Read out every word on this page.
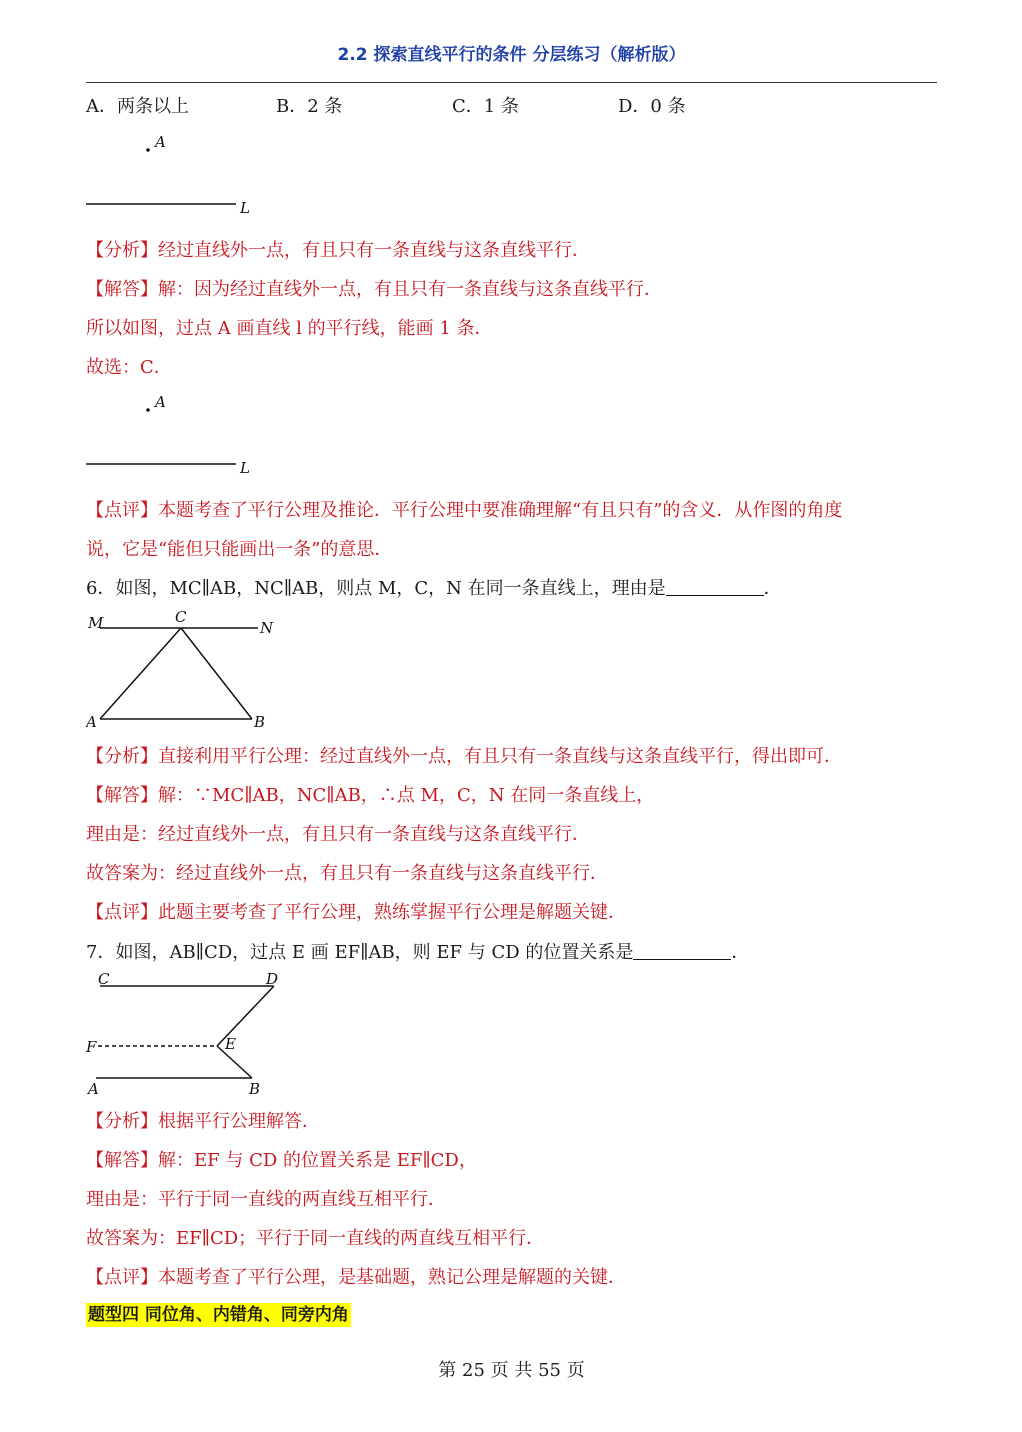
2.2 探索直线平行的条件 分层练习（解析版）
A．两条以上	B．2 条	C．1 条	D．0 条
A
L
【分析】经过直线外一点，有且只有一条直线与这条直线平行．
【解答】解：因为经过直线外一点，有且只有一条直线与这条直线平行．
所以如图，过点 A 画直线 l 的平行线，能画 1 条．
故选：C．
A
L
【点评】本题考查了平行公理及推论．平行公理中要准确理解“有且只有”的含义．从作图的角度
说，它是“能但只能画出一条”的意思．
6．如图，MC∥AB，NC∥AB，则点 M，C，N 在同一条直线上，理由是	．
M	C
N
A	B
【分析】直接利用平行公理：经过直线外一点，有且只有一条直线与这条直线平行，得出即可．
【解答】解：∵MC∥AB，NC∥AB，∴点 M，C，N 在同一条直线上，
理由是：经过直线外一点，有且只有一条直线与这条直线平行．
故答案为：经过直线外一点，有且只有一条直线与这条直线平行．
【点评】此题主要考查了平行公理，熟练掌握平行公理是解题关键．
7．如图，AB∥CD，过点 E 画 EF∥AB，则 EF 与 CD 的位置关系是	．
C	D
F	E
A	B
【分析】根据平行公理解答．
【解答】解：EF 与 CD 的位置关系是 EF∥CD，
理由是：平行于同一直线的两直线互相平行．
故答案为：EF∥CD；平行于同一直线的两直线互相平行．
【点评】本题考查了平行公理，是基础题，熟记公理是解题的关键．
题型四 同位角、内错角、同旁内角
第 25 页 共 55 页
